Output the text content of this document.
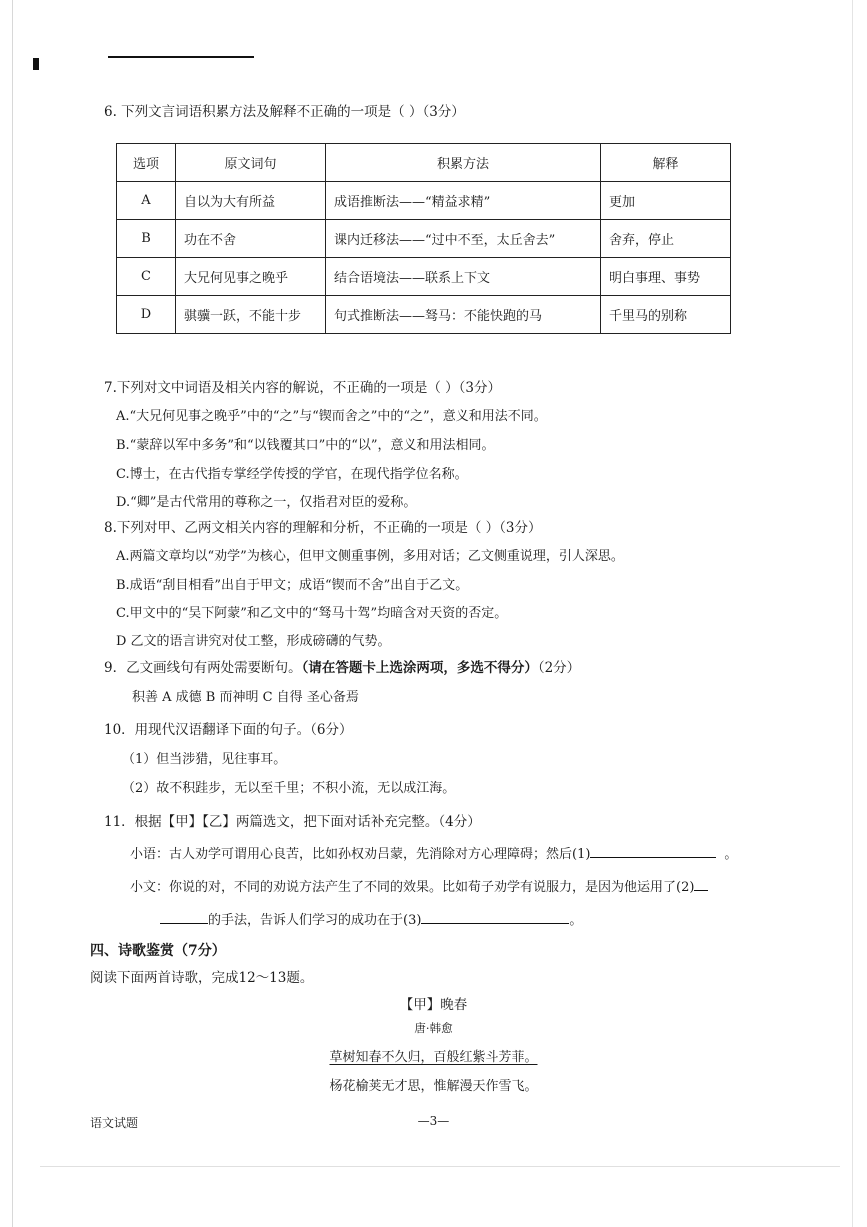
6. 下列文言词语积累方法及解释不正确的一项是（ ）（3分）
选项	原文词句	积累方法	解释
A	自以为大有所益	成语推断法——“精益求精”	更加
B	功在不舍	课内迁移法——“过中不至，太丘舍去”	舍弃，停止
C	大兄何见事之晚乎	结合语境法——联系上下文	明白事理、事势
D	骐骥一跃，不能十步	句式推断法——驽马：不能快跑的马	千里马的别称
7.下列对文中词语及相关内容的解说，不正确的一项是（ ）（3分）
A.“大兄何见事之晚乎”中的“之”与“锲而舍之”中的“之”，意义和用法不同。
B.“蒙辞以军中多务”和“以钱覆其口”中的“以”，意义和用法相同。
C.博士，在古代指专掌经学传授的学官，在现代指学位名称。
D.“卿”是古代常用的尊称之一，仅指君对臣的爱称。
8.下列对甲、乙两文相关内容的理解和分析，不正确的一项是（ ）（3分）
A.两篇文章均以“劝学”为核心，但甲文侧重事例，多用对话；乙文侧重说理，引人深思。
B.成语“刮目相看”出自于甲文；成语“锲而不舍”出自于乙文。
C.甲文中的“吴下阿蒙”和乙文中的“驽马十驾”均暗含对天资的否定。
D 乙文的语言讲究对仗工整，形成磅礴的气势。
9．乙文画线句有两处需要断句。（请在答题卡上选涂两项，多选不得分）（2分）
积善 A 成德 B 而神明 C 自得 圣心备焉
10．用现代汉语翻译下面的句子。（6分）
（1）但当涉猎，见往事耳。
（2）故不积跬步，无以至千里；不积小流，无以成江海。
11．根据【甲】【乙】两篇选文，把下面对话补充完整。（4分）
小语：古人劝学可谓用心良苦，比如孙权劝吕蒙，先消除对方心理障碍；然后(1)	。
小文：你说的对，不同的劝说方法产生了不同的效果。比如荀子劝学有说服力，是因为他运用了(2)
的手法，告诉人们学习的成功在于(3)	。
四、诗歌鉴赏（7分）
阅读下面两首诗歌，完成12～13题。
【甲】晚春
唐·韩愈
草树知春不久归，百般红紫斗芳菲。
杨花榆荚无才思，惟解漫天作雪飞。
语文试题	—3—
